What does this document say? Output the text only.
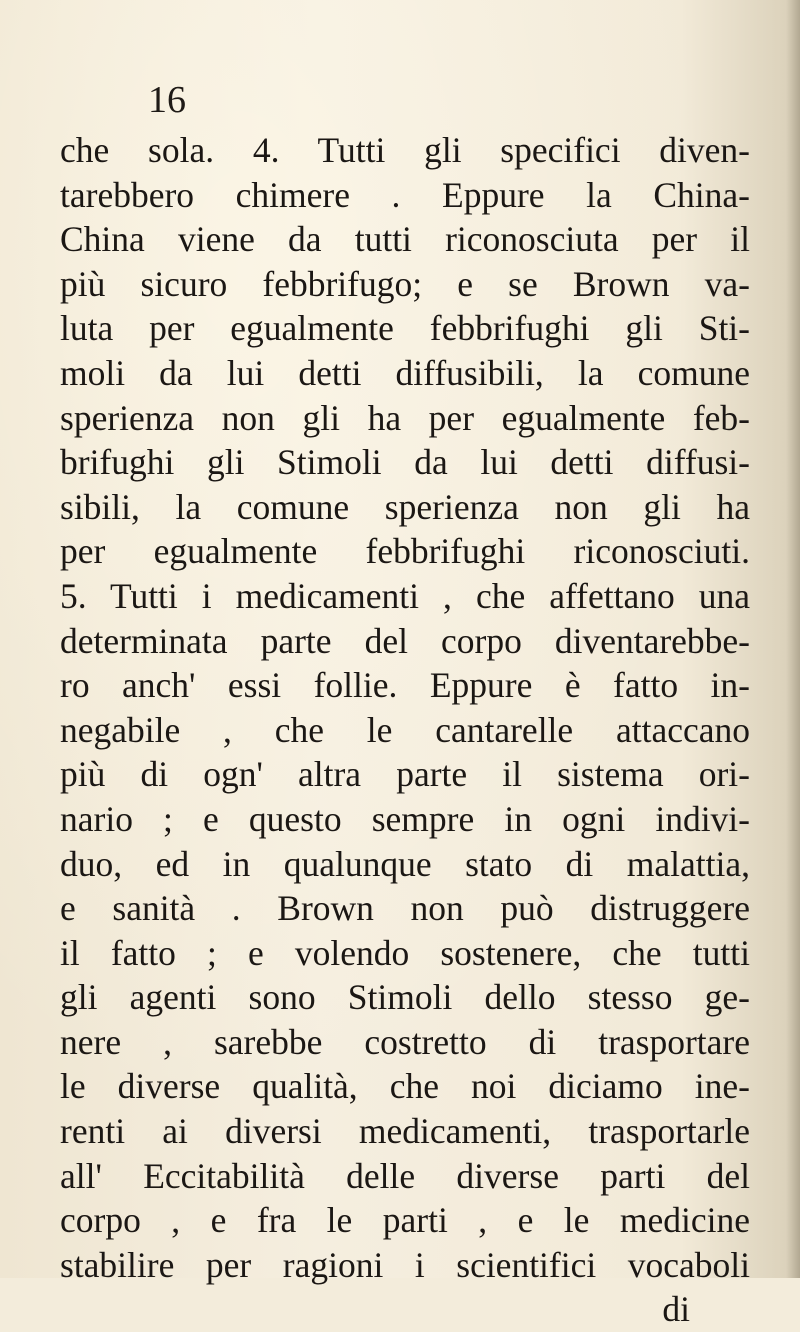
16
che sola. 4. Tutti gli specifici diven-
tarebbero chimere . Eppure la China-
China viene da tutti riconosciuta per il
più sicuro febbrifugo; e se Brown va-
luta per egualmente febbrifughi gli Sti-
moli da lui detti diffusibili, la comune
sperienza non gli ha per egualmente feb-
brifughi gli Stimoli da lui detti diffusi-
sibili, la comune sperienza non gli ha
per egualmente febbrifughi riconosciuti.
5. Tutti i medicamenti , che affettano una
determinata parte del corpo diventarebbe-
ro anch' essi follie. Eppure è fatto in-
negabile , che le cantarelle attaccano
più di ogn' altra parte il sistema ori-
nario ; e questo sempre in ogni indivi-
duo, ed in qualunque stato di malattia,
e sanità . Brown non può distruggere
il fatto ; e volendo sostenere, che tutti
gli agenti sono Stimoli dello stesso ge-
nere , sarebbe costretto di trasportare
le diverse qualità, che noi diciamo ine-
renti ai diversi medicamenti, trasportarle
all' Eccitabilità delle diverse parti del
corpo , e fra le parti , e le medicine
stabilire per ragioni i scientifici vocaboli
di
